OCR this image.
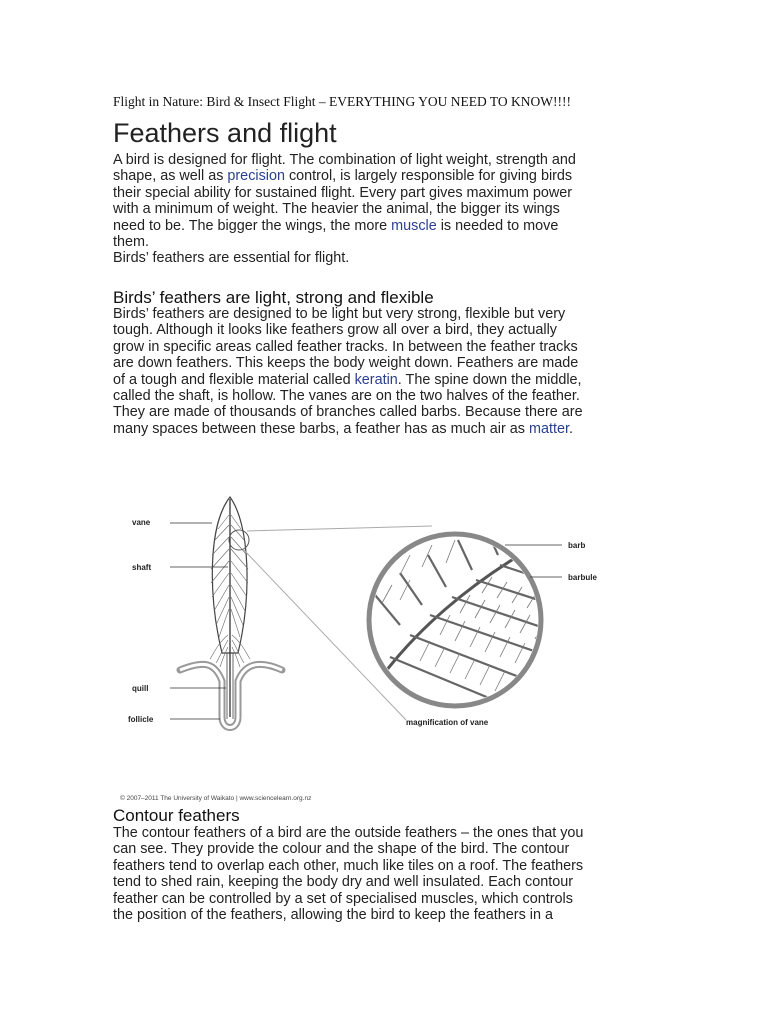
Flight in Nature: Bird & Insect Flight – EVERYTHING YOU NEED TO KNOW!!!!
Feathers and flight
A bird is designed for flight. The combination of light weight, strength and
shape, as well as precision control, is largely responsible for giving birds
their special ability for sustained flight. Every part gives maximum power
with a minimum of weight. The heavier the animal, the bigger its wings
need to be. The bigger the wings, the more muscle is needed to move
them.
Birds’ feathers are essential for flight.
Birds’ feathers are light, strong and flexible
Birds’ feathers are designed to be light but very strong, flexible but very
tough. Although it looks like feathers grow all over a bird, they actually
grow in specific areas called feather tracks. In between the feather tracks
are down feathers. This keeps the body weight down. Feathers are made
of a tough and flexible material called keratin. The spine down the middle,
called the shaft, is hollow. The vanes are on the two halves of the feather.
They are made of thousands of branches called barbs. Because there are
many spaces between these barbs, a feather has as much air as matter.
vane
shaft
quill
follicle
barb
barbule
magnification of vane
© 2007–2011 The University of Waikato | www.sciencelearn.org.nz
Contour feathers
The contour feathers of a bird are the outside feathers – the ones that you
can see. They provide the colour and the shape of the bird. The contour
feathers tend to overlap each other, much like tiles on a roof. The feathers
tend to shed rain, keeping the body dry and well insulated. Each contour
feather can be controlled by a set of specialised muscles, which controls
the position of the feathers, allowing the bird to keep the feathers in a
